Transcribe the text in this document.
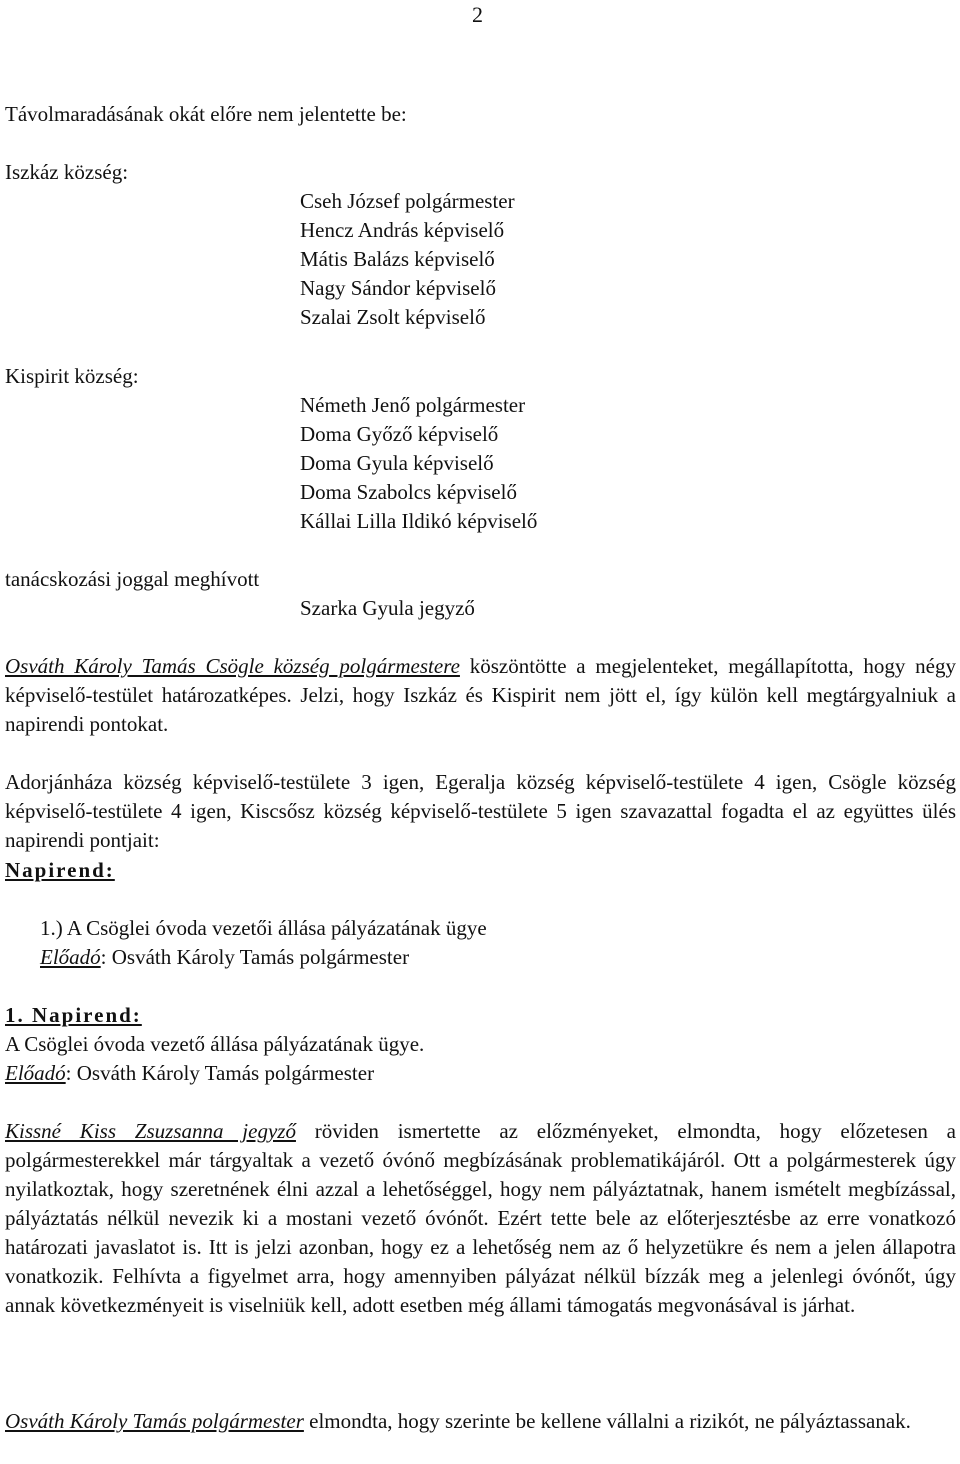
2
Távolmaradásának okát előre nem jelentette be:
Iszkáz község:
Cseh József polgármester
Hencz András képviselő
Mátis Balázs képviselő
Nagy Sándor képviselő
Szalai Zsolt képviselő
Kispirit község:
Németh Jenő polgármester
Doma Győző képviselő
Doma Gyula képviselő
Doma Szabolcs képviselő
Kállai Lilla Ildikó képviselő
tanácskozási joggal meghívott
Szarka Gyula jegyző
Osváth Károly Tamás Csögle község polgármestere köszöntötte a megjelenteket, megállapította, hogy négy képviselő-testület határozatképes. Jelzi, hogy Iszkáz és Kispirit nem jött el, így külön kell megtárgyalniuk a napirendi pontokat.
Adorjánháza község képviselő-testülete 3 igen, Egeralja község képviselő-testülete 4 igen, Csögle község képviselő-testülete 4 igen, Kiscsősz község képviselő-testülete 5 igen szavazattal fogadta el az együttes ülés napirendi pontjait:
Napirend:
1.) A Csöglei óvoda vezetői állása pályázatának ügye
Előadó: Osváth Károly Tamás polgármester
1. Napirend:
A Csöglei óvoda vezető állása pályázatának ügye.
Előadó: Osváth Károly Tamás polgármester
Kissné Kiss Zsuzsanna jegyző röviden ismertette az előzményeket, elmondta, hogy előzetesen a polgármesterekkel már tárgyaltak a vezető óvónő megbízásának problematikájáról. Ott a polgármesterek úgy nyilatkoztak, hogy szeretnének élni azzal a lehetőséggel, hogy nem pályáztatnak, hanem ismételt megbízással, pályáztatás nélkül nevezik ki a mostani vezető óvónőt. Ezért tette bele az előterjesztésbe az erre vonatkozó határozati javaslatot is. Itt is jelzi azonban, hogy ez a lehetőség nem az ő helyzetükre és nem a jelen állapotra vonatkozik. Felhívta a figyelmet arra, hogy amennyiben pályázat nélkül bízzák meg a jelenlegi óvónőt, úgy annak következményeit is viselniük kell, adott esetben még állami támogatás megvonásával is járhat.
Osváth Károly Tamás polgármester elmondta, hogy szerinte be kellene vállalni a rizikót, ne pályáztassanak.
